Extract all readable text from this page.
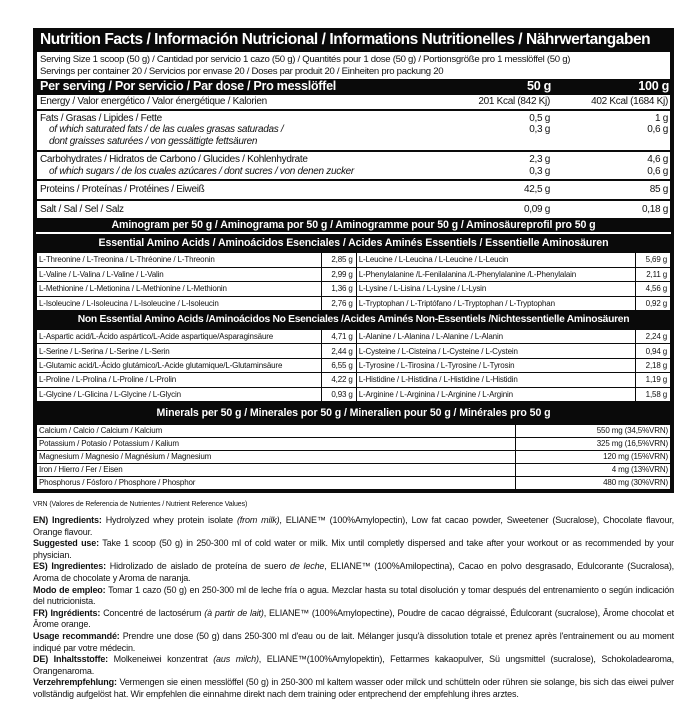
Nutrition Facts / Información Nutricional / Informations Nutritionelles / Nährwertangaben
Serving Size 1 scoop (50 g) / Cantidad por servicio 1 cazo (50 g) / Quantités pour 1 dose (50 g) / Portionsgröße pro 1 messlöffel (50 g)
Servings per container 20 / Servicios por envase 20 / Doses par produit 20 / Einheiten pro packung 20
Per serving / Por servicio / Par dose / Pro messlöffel	50 g	100 g
Energy / Valor energético / Valor énergétique / Kalorien	201 Kcal (842 Kj)	402 Kcal (1684 Kj)
Fats / Grasas / Lipides / Fette	0,5 g	1 g
of which saturated fats / de las cuales grasas saturadas /
dont graisses saturées / von gessättigte fettsäuren
0,3 g	0,6 g
Carbohydrates / Hidratos de Carbono / Glucides / Kohlenhydrate	2,3 g	4,6 g
of which sugars / de los cuales azúcares / dont sucres / von denen zucker	0,3 g	0,6 g
Proteins / Proteínas / Protéines / Eiweiß	42,5 g	85 g
Salt / Sal / Sel / Salz	0,09 g	0,18 g
Aminogram per 50 g / Aminograma por 50 g / Aminogramme pour 50 g / Aminosäureprofil pro 50 g
Essential Amino Acids / Aminoácidos Esenciales / Acides Aminés Essentiels / Essentielle Aminosäuren
L-Threonine / L-Treonina / L-Thréonine / L-Threonin	2,85 g	L-Leucine / L-Leucina / L-Leucine / L-Leucin	5,69 g
L-Valine / L-Valina / L-Valine / L-Valin	2,99 g	L-Phenylalanine /L-Fenilalanina /L-Phenylalanine /L-Phenylalain	2,11 g
L-Methionine / L-Metionina / L-Methionine / L-Methionin	1,36 g	L-Lysine / L-Lisina / L-Lysine / L-Lysin	4,56 g
L-Isoleucine / L-Isoleucina / L-Isoleucine / L-Isoleucin	2,76 g	L-Tryptophan / L-Triptófano / L-Tryptophan / L-Tryptophan	0,92 g
Non Essential Amino Acids /Aminoácidos No Esenciales /Acides Aminés Non-Essentiels /Nichtessentielle Aminosäuren
L-Aspartic acid/L-Ácido aspártico/L-Acide aspartique/Asparaginsäure	4,71 g	L-Alanine / L-Alanina / L-Alanine / L-Alanin	2,24 g
L-Serine / L-Serina / L-Serine / L-Serin	2,44 g	L-Cysteine / L-Cisteina / L-Cysteine / L-Cystein	0,94 g
L-Glutamic acid/L-Ácido glutámico/L-Acide glutamique/L-Glutaminsäure	6,55 g	L-Tyrosine / L-Tirosina / L-Tyrosine / L-Tyrosin	2,18 g
L-Proline / L-Prolina / L-Proline / L-Prolin	4,22 g	L-Histidine / L-Histidina / L-Histidine / L-Histidin	1,19 g
L-Glycine / L-Glicina / L-Glycine / L-Glycin	0,93 g	L-Arginine / L-Arginina / L-Arginine / L-Arginin	1,58 g
Minerals per 50 g / Minerales por 50 g / Mineralien pour 50 g / Minérales pro 50 g
Calcium / Calcio / Calcium / Kalcium	550 mg (34,5%VRN)
Potassium / Potasio / Potassium / Kalium	325 mg (16,5%VRN)
Magnesium / Magnesio / Magnésium / Magnesium	120 mg (15%VRN)
Iron / Hierro / Fer / Eisen	4 mg (13%VRN)
Phosphorus / Fósforo / Phosphore / Phosphor	480 mg (30%VRN)
VRN (Valores de Referencia de Nutrientes / Nutrient Reference Values)

EN) Ingredients: Hydrolyzed whey protein isolate (from milk), ELIANE™ (100%Amylopectin), Low fat cacao powder, Sweetener (Sucralose), Chocolate flavour, Orange flavour.

Suggested use: Take 1 scoop (50 g) in 250-300 ml of cold water or milk. Mix until completly dispersed and take after your workout or as recommended by your physician.

ES) Ingredientes: Hidrolizado de aislado de proteína de suero de leche, ELIANE™ (100%Amilopectina), Cacao en polvo desgrasado, Edulcorante (Sucralosa), Aroma de chocolate y Aroma de naranja.

Modo de empleo: Tomar 1 cazo (50 g) en 250-300 ml de leche fría o agua. Mezclar hasta su total disolución y tomar después del entrenamiento o según indicación del nutricionista.

FR) Ingrédients: Concentré de lactosérum (à partir de lait), ELIANE™ (100%Amylopectine), Poudre de cacao dégraissé, Édulcorant (sucralose), Ârome chocolat et Ârome orange.

Usage recommandé: Prendre une dose (50 g) dans 250-300 ml d'eau ou de lait. Mélanger jusqu'à dissolution totale et prenez après l'entrainement ou au moment indiqué par votre médecin.

DE) Inhaltsstoffe: Molkeneiwei konzentrat (aus milch), ELIANE™(100%Amylopektin), Fettarmes kakaopulver, Sü ungsmittel (sucralose), Schokoladearoma, Orangenaroma.

Verzehrempfehlung: Vermengen sie einen messlöffel (50 g) in 250-300 ml kaltem wasser oder milck und schütteln oder rühren sie solange, bis sich das eiwei pulver vollständig aufgelöst hat. Wir empfehlen die einnahme direkt nach dem training oder entprechend der empfehlung ihres arztes.
